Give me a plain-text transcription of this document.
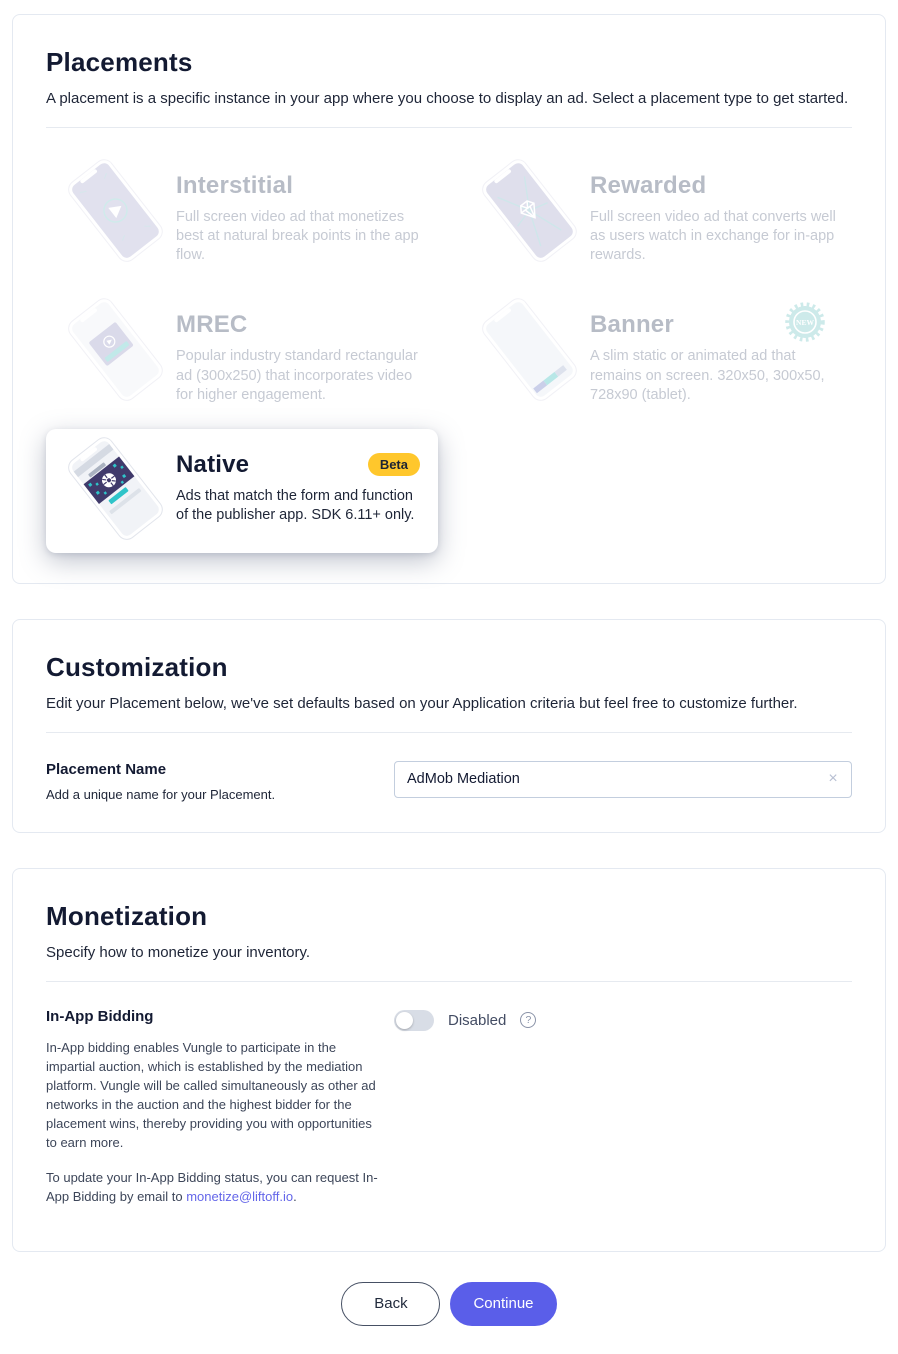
Placements

A placement is a specific instance in your app where you choose to display an ad. Select a placement type to get started.

Interstitial
Full screen video ad that monetizes best at natural break points in the app flow.
Rewarded
Full screen video ad that converts well as users watch in exchange for in-app rewards.
MREC
Popular industry standard rectangular ad (300x250) that incorporates video for higher engagement.
Banner
A slim static or animated ad that remains on screen. 320x50, 300x50, 728x90 (tablet).
NEW
Native	Beta
Ads that match the form and function of the publisher app. SDK 6.11+ only.
Customization

Edit your Placement below, we've set defaults based on your Application criteria but feel free to customize further.

Placement Name
Add a unique name for your Placement.
AdMob Mediation
×
Monetization

Specify how to monetize your inventory.

In-App Bidding
In-App bidding enables Vungle to participate in the impartial auction, which is established by the mediation platform. Vungle will be called simultaneously as other ad networks in the auction and the highest bidder for the placement wins, thereby providing you with opportunities to earn more.
To update your In-App Bidding status, you can request In-App Bidding by email to monetize@liftoff.io.
Disabled	?
Back	Continue
